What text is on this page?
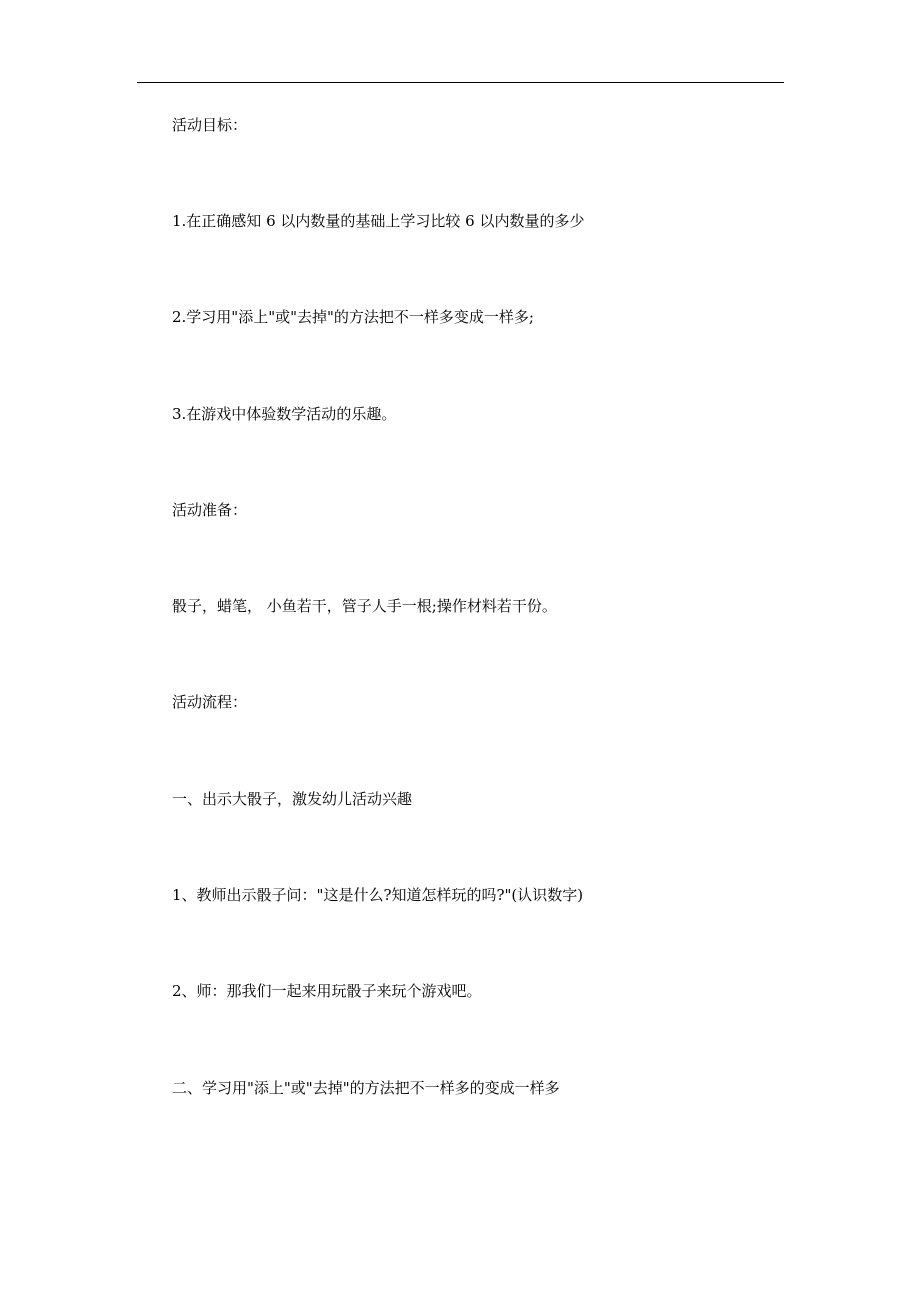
活动目标：

1.在正确感知 6 以内数量的基础上学习比较 6 以内数量的多少

2.学习用"添上"或"去掉"的方法把不一样多变成一样多;

3.在游戏中体验数学活动的乐趣。

活动准备：

骰子，蜡笔， 小鱼若干，管子人手一根;操作材料若干份。

活动流程：

一、出示大骰子，激发幼儿活动兴趣

1、教师出示骰子问："这是什么?知道怎样玩的吗?"(认识数字)

2、师：那我们一起来用玩骰子来玩个游戏吧。

二、学习用"添上"或"去掉"的方法把不一样多的变成一样多
